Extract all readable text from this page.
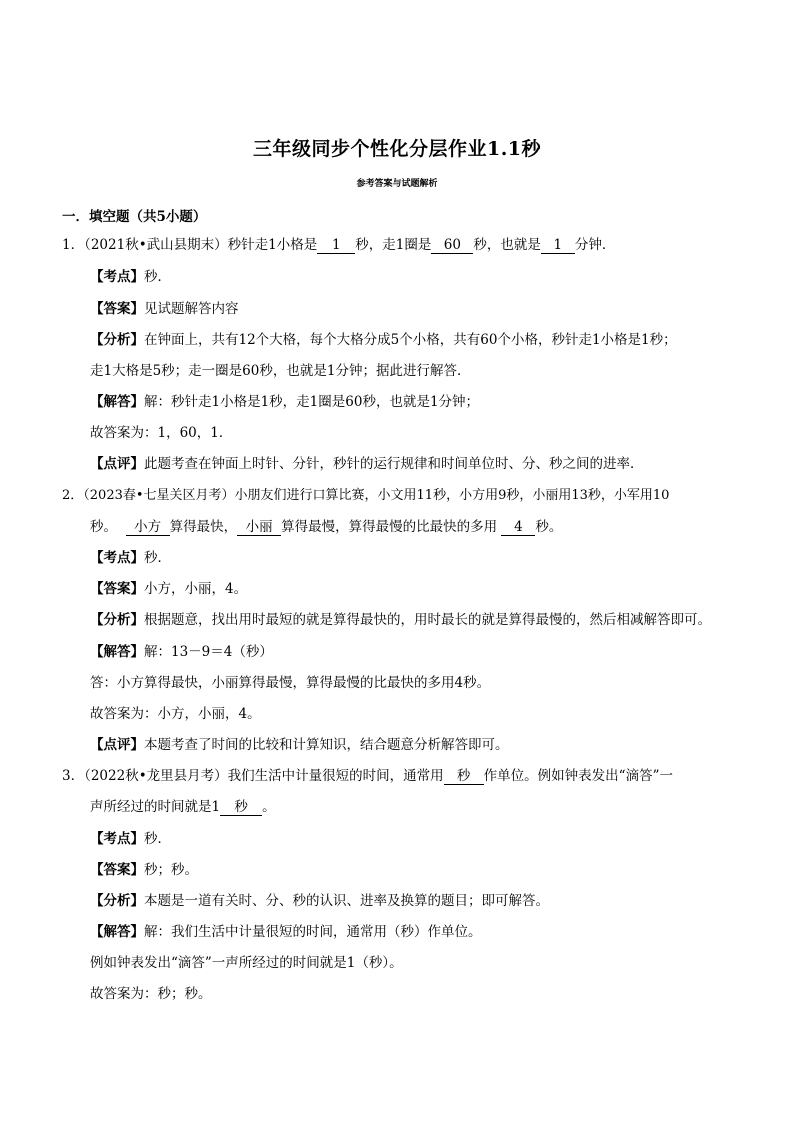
三年级同步个性化分层作业1.1秒
参考答案与试题解析
一．填空题（共5小题）
1．（2021秋•武山县期末）秒针走1小格是 1 秒，走1圈是 60 秒，也就是 1 分钟．
【考点】秒．
【答案】见试题解答内容
【分析】在钟面上，共有12个大格，每个大格分成5个小格，共有60个小格，秒针走1小格是1秒；
走1大格是5秒；走一圈是60秒，也就是1分钟；据此进行解答．
【解答】解：秒针走1小格是1秒，走1圈是60秒，也就是1分钟；
故答案为：1，60，1．
【点评】此题考查在钟面上时针、分针，秒针的运行规律和时间单位时、分、秒之间的进率．
2．（2023春•七星关区月考）小朋友们进行口算比赛，小文用11秒，小方用9秒，小丽用13秒，小军用10
秒。 小方 算得最快， 小丽 算得最慢，算得最慢的比最快的多用 4 秒。
【考点】秒．
【答案】小方，小丽，4。
【分析】根据题意，找出用时最短的就是算得最快的，用时最长的就是算得最慢的，然后相减解答即可。
【解答】解：13－9＝4（秒）
答：小方算得最快，小丽算得最慢，算得最慢的比最快的多用4秒。
故答案为：小方，小丽，4。
【点评】本题考查了时间的比较和计算知识，结合题意分析解答即可。
3．（2022秋•龙里县月考）我们生活中计量很短的时间，通常用 秒 作单位。例如钟表发出“滴答”一
声所经过的时间就是1 秒 。
【考点】秒．
【答案】秒；秒。
【分析】本题是一道有关时、分、秒的认识、进率及换算的题目；即可解答。
【解答】解：我们生活中计量很短的时间，通常用（秒）作单位。
例如钟表发出“滴答”一声所经过的时间就是1（秒）。
故答案为：秒；秒。
